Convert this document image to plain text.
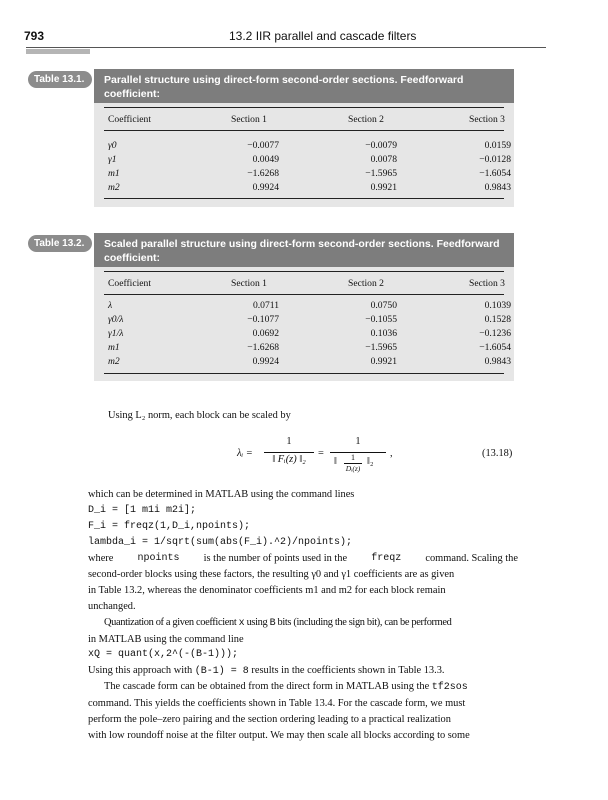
793	13.2 IIR parallel and cascade filters
Table 13.1.	Parallel structure using direct-form second-order sections. Feedforward coefficient:
Coefficient	Section 1	Section 2	Section 3
γ0	−0.0077	−0.0079	0.0159
γ1	0.0049	0.0078	−0.0128
m1	−1.6268	−1.5965	−1.6054
m2	0.9924	0.9921	0.9843
Table 13.2.	Scaled parallel structure using direct-form second-order sections. Feedforward coefficient:
Coefficient	Section 1	Section 2	Section 3
λ	0.0711	0.0750	0.1039
γ0/λ	−0.1077	−0.1055	0.1528
γ1/λ	0.0692	0.1036	−0.1236
m1	−1.6268	−1.5965	−1.6054
m2	0.9924	0.9921	0.9843
Using L₂ norm, each block can be scaled by
λᵢ =
1
‖ Fᵢ(z) ‖₂
=
1
‖	1
Dᵢ(z)
‖₂
,	(13.18)
which can be determined in MATLAB using the command lines
D_i = [1 m1i m2i];
F_i = freqz(1,D_i,npoints);
lambda_i = 1/sqrt(sum(abs(F_i).^2)/npoints);
where npoints is the number of points used in the freqz command. Scaling the
second-order blocks using these factors, the resulting γ0 and γ1 coefficients are as given
in Table 13.2, whereas the denominator coefficients m1 and m2 for each block remain
unchanged.
Quantization of a given coefficient x using B bits (including the sign bit), can be performed
in MATLAB using the command line
xQ = quant(x,2^(-(B-1)));
Using this approach with (B-1) = 8 results in the coefficients shown in Table 13.3.
The cascade form can be obtained from the direct form in MATLAB using the tf2sos
command. This yields the coefficients shown in Table 13.4. For the cascade form, we must
perform the pole–zero pairing and the section ordering leading to a practical realization
with low roundoff noise at the filter output. We may then scale all blocks according to some
